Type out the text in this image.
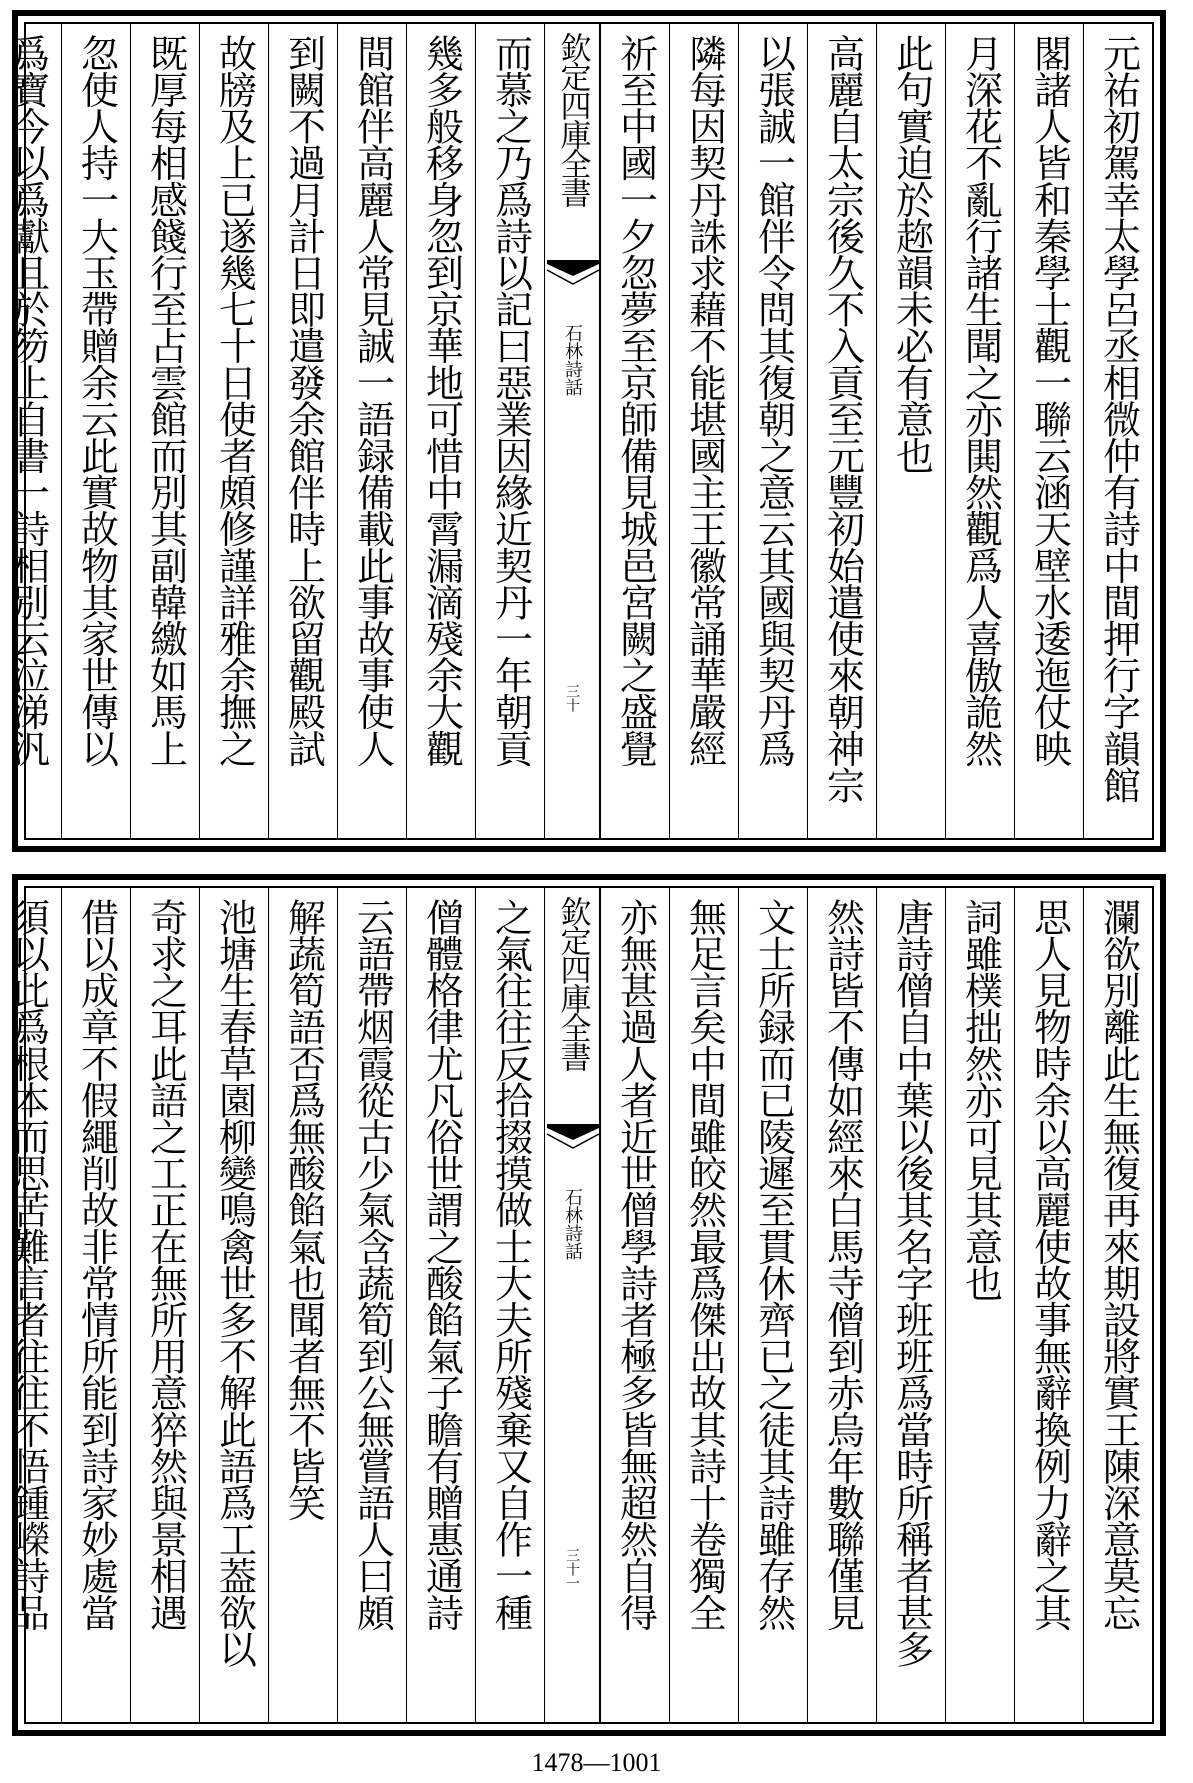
元祐初駕幸太學呂丞相微仲有詩中間押行字韻館
閣諸人皆和秦學士觀一聯云涵天壁水逶迤仗映
月深花不亂行諸生聞之亦閧然觀爲人喜傲詭然
此句實迫於趂韻未必有意也
高麗自太宗後久不入貢至元豐初始遣使來朝神宗
以張誠一館伴令問其復朝之意云其國與契丹爲
隣每因契丹誅求藉不能堪國主王徽常誦華嚴經
祈至中國一夕忽夢至京師備見城邑宮闕之盛覺
欽定四庫全書
石林詩話
三十
而慕之乃爲詩以記曰惡業因緣近契丹一年朝貢
幾多般移身忽到京華地可惜中霄漏滴殘余大觀
間館伴高麗人常見誠一語録備載此事故事使人
到闕不過月計日即遣發余館伴時上欲留觀殿試
故牓及上已遂幾七十日使者頗修謹詳雅余撫之
既厚每相感餞行至占雲館而別其副韓繳如馬上
忽使人持一大玉帶贈余云此實故物其家世傳以
爲寶今以爲獻且於笏上自書一詩相別云泣涕汎
瀾欲別離此生無復再來期設將實王陳深意莫忘
思人見物時余以高麗使故事無辭換例力辭之其
詞雖樸拙然亦可見其意也
唐詩僧自中葉以後其名字班班爲當時所稱者甚多
然詩皆不傳如經來白馬寺僧到赤烏年數聯僅見
文士所録而已陵遲至貫休齊已之徒其詩雖存然
無足言矣中間雖皎然最爲傑出故其詩十卷獨全
亦無甚過人者近世僧學詩者極多皆無超然自得
欽定四庫全書
石林詩話
三十一
之氣往往反拾掇摸做士大夫所殘棄又自作一種
僧體格律尤凡俗世謂之酸餡氣子瞻有贈惠通詩
云語帶烟霞從古少氣含蔬筍到公無嘗語人曰頗
解蔬筍語否爲無酸餡氣也聞者無不皆笑
池塘生春草園柳變鳴禽世多不解此語爲工葢欲以
奇求之耳此語之工正在無所用意猝然與景相遇
借以成章不假繩削故非常情所能到詩家妙處當
須以此爲根本而思苦難言者往往不悟鍾嶸詩品
1478—1001
